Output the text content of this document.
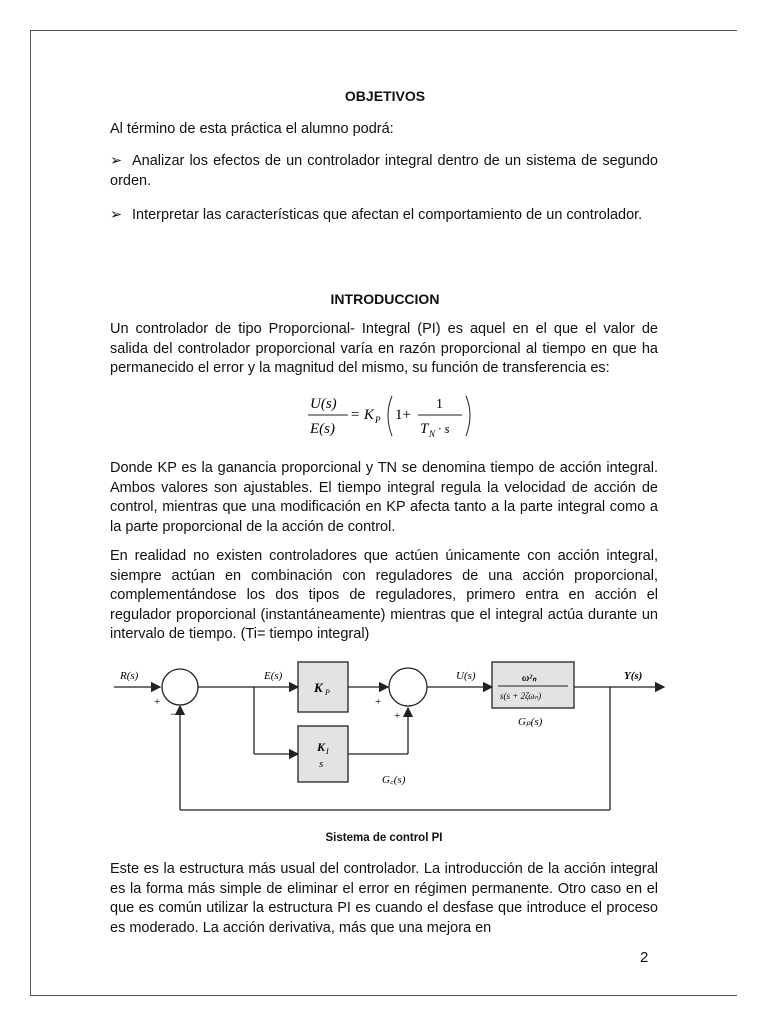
OBJETIVOS

Al término de esta práctica el alumno podrá:

➢ Analizar los efectos de un controlador integral dentro de un sistema de segundo orden.

➢ Interpretar las características que afectan el comportamiento de un controlador.

INTRODUCCION

Un controlador de tipo Proporcional- Integral (PI) es aquel en el que el valor de salida del controlador proporcional varía en razón proporcional al tiempo en que ha permanecido el error y la magnitud del mismo, su función de transferencia es:

U(s)
E(s)
= K P 1+
1
T N · s

Donde KP es la ganancia proporcional y TN se denomina tiempo de acción integral. Ambos valores son ajustables. El tiempo integral regula la velocidad de acción de control, mientras que una modificación en KP afecta tanto a la parte integral como a la parte proporcional de la acción de control.

En realidad no existen controladores que actúen únicamente con acción integral, siempre actúan en combinación con reguladores de una acción proporcional, complementándose los dos tipos de reguladores, primero entra en acción el regulador proporcional (instantáneamente) mientras que el integral actúa durante un intervalo de tiempo. (Ti= tiempo integral)

R(s)
+
−
E(s)
K P
K I
s
G꜀(s)
+
+
U(s)	ω²ₙ
s(s + 2ζωₙ)
Gₚ(s)
Y(s)
Sistema de control PI

Este es la estructura más usual del controlador. La introducción de la acción integral es la forma más simple de eliminar el error en régimen permanente. Otro caso en el que es común utilizar la estructura PI es cuando el desfase que introduce el proceso es moderado. La acción derivativa, más que una mejora en

2
